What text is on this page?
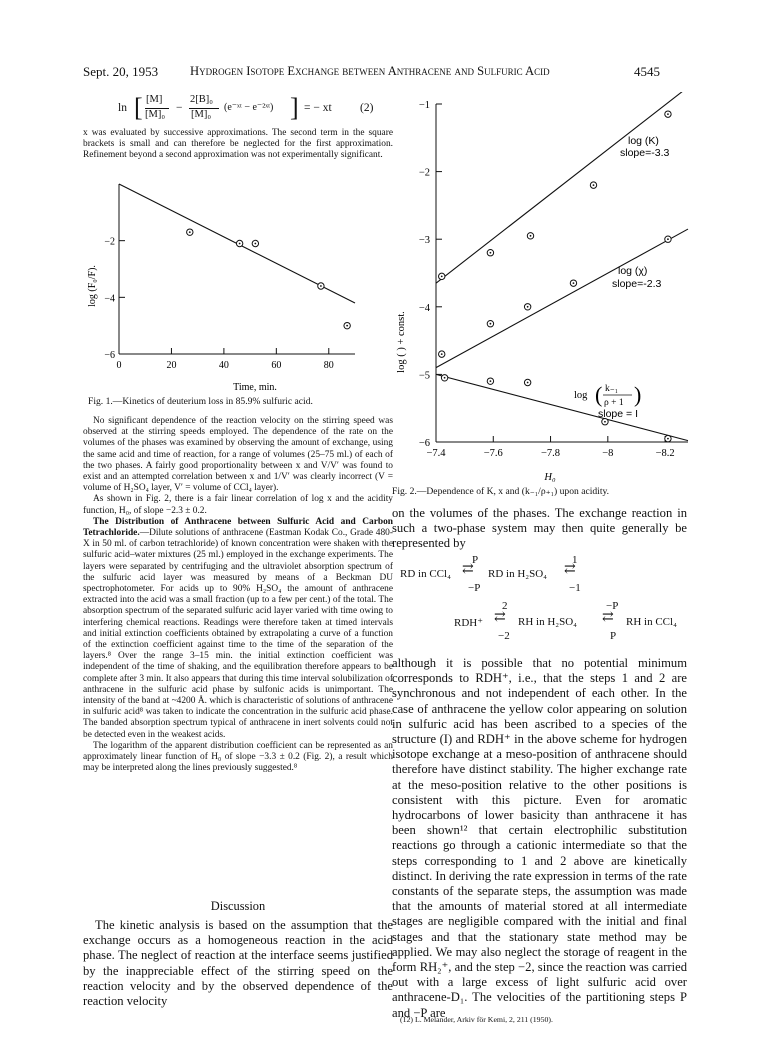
Sept. 20, 1953	Hydrogen Isotope Exchange between Anthracene and Sulfuric Acid	4545
ln [ [M]
[M]₀
−
2[B]₀
[M]₀
(e⁻ˣᵗ − e⁻²ˣᵗ) ] = − xt (2)

x was evaluated by successive approximations. The second term in the square brackets is small and can therefore be neglected for the first approximation. Refinement beyond a second approximation was not experimentally significant.

0	20	40	60	80
−2
−4
−6
log (F₀/F).
Time, min.
Fig. 1.—Kinetics of deuterium loss in 85.9% sulfuric acid.

No significant dependence of the reaction velocity on the stirring speed was observed at the stirring speeds employed. The dependence of the rate on the volumes of the phases was examined by observing the amount of exchange, using the same acid and time of reaction, for a range of volumes (25–75 ml.) of each of the two phases. A fairly good proportionality between x and V/V′ was found to exist and an attempted correlation between x and 1/V′ was clearly incorrect (V = volume of H₂SO₄ layer, V′ = volume of CCl₄ layer).

As shown in Fig. 2, there is a fair linear correlation of log x and the acidity function, H₀, of slope −2.3 ± 0.2.

The Distribution of Anthracene between Sulfuric Acid and Carbon Tetrachloride.—Dilute solutions of anthracene (Eastman Kodak Co., Grade 480-X in 50 ml. of carbon tetrachloride) of known concentration were shaken with the sulfuric acid–water mixtures (25 ml.) employed in the exchange experiments. The layers were separated by centrifuging and the ultraviolet absorption spectrum of the sulfuric acid layer was measured by means of a Beckman DU spectrophotometer. For acids up to 90% H₂SO₄ the amount of anthracene extracted into the acid was a small fraction (up to a few per cent.) of the total. The absorption spectrum of the separated sulfuric acid layer varied with time owing to interfering chemical reactions. Readings were therefore taken at timed intervals and initial extinction coefficients obtained by extrapolating a curve of a function of the extinction coefficient against time to the time of the separation of the layers.⁸ Over the range 3–15 min. the initial extinction coefficient was independent of the time of shaking, and the equilibration therefore appears to be complete after 3 min. It also appears that during this time interval solubilization of anthracene in the sulfuric acid phase by sulfonic acids is unimportant. The intensity of the band at ~4200 Å. which is characteristic of solutions of anthracene in sulfuric acid⁸ was taken to indicate the concentration in the sulfuric acid phase. The banded absorption spectrum typical of anthracene in inert solvents could not be detected even in the weakest acids.

The logarithm of the apparent distribution coefficient can be represented as an approximately linear function of H₀ of slope −3.3 ± 0.2 (Fig. 2), a result which may be interpreted along the lines previously suggested.⁸

Discussion

The kinetic analysis is based on the assumption that the exchange occurs as a homogeneous reaction in the acid phase. The neglect of reaction at the interface seems justified by the inappreciable effect of the stirring speed on the reaction velocity and by the observed dependence of the reaction velocity

−7.4	−7.6	−7.8	−8	−8.2
−1
−2
−3
−4
−5
−6
log ( ) + const.
H₀
log (K)
slope=-3.3
log (χ)
slope=-2.3
log ( k₋₁
ρ + 1 )
slope = I
Fig. 2.—Dependence of K, x and (k₋₁/ρ₊₁) upon acidity.

on the volumes of the phases. The exchange reaction in such a two-phase system may then quite generally be represented by

RD in CCl₄
P
⇄
−P
RD in H₂SO₄
1
⇄
−1
RDH⁺
2
⇄
−2
RH in H₂SO₄
−P
⇄
P
RH in CCl₄

although it is possible that no potential minimum corresponds to RDH⁺, i.e., that the steps 1 and 2 are synchronous and not independent of each other. In the case of anthracene the yellow color appearing on solution in sulfuric acid has been ascribed to a species of the structure (I) and RDH⁺ in the above scheme for hydrogen isotope exchange at a meso-position of anthracene should therefore have distinct stability. The higher exchange rate at the meso-position relative to the other positions is consistent with this picture. Even for aromatic hydrocarbons of lower basicity than anthracene it has been shown¹² that certain electrophilic substitution reactions go through a cationic intermediate so that the steps corresponding to 1 and 2 above are kinetically distinct. In deriving the rate expression in terms of the rate constants of the separate steps, the assumption was made that the amounts of material stored at all intermediate stages are negligible compared with the initial and final stages and that the stationary state method may be applied. We may also neglect the storage of reagent in the form RH₂⁺, and the step −2, since the reaction was carried out with a large excess of light sulfuric acid over anthracene-D₁. The velocities of the partitioning steps P and −P are

(12) L. Melander, Arkiv för Kemi, 2, 211 (1950).
